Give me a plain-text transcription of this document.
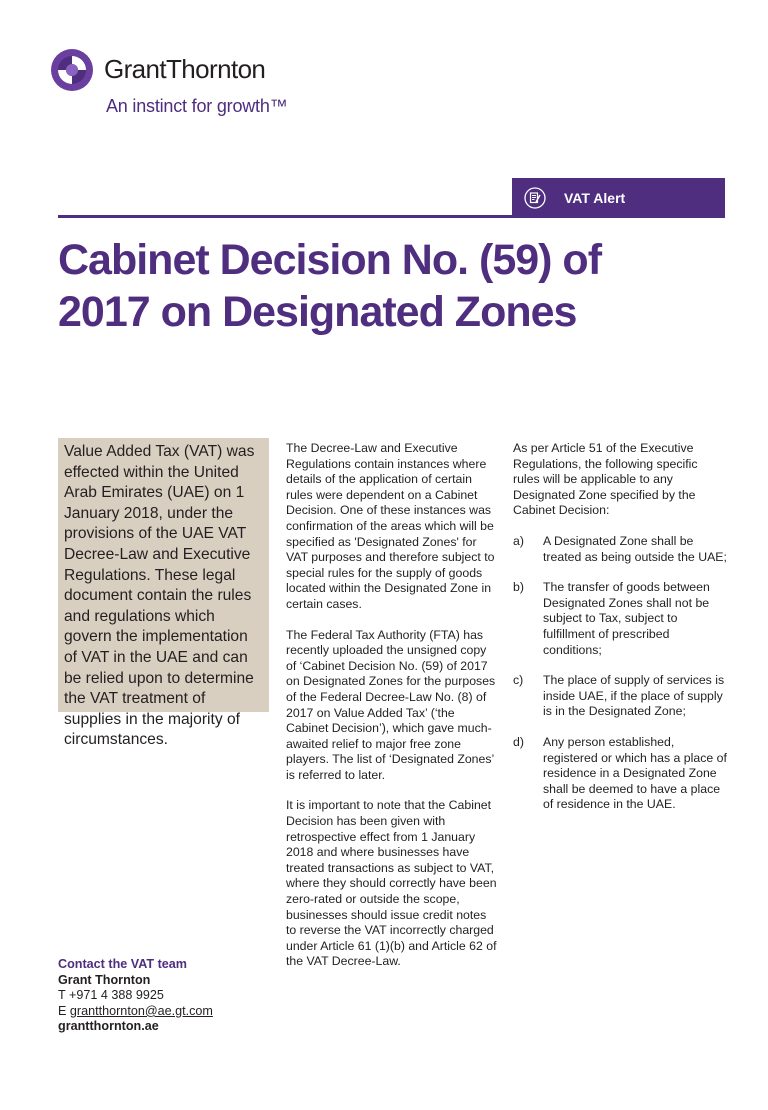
GrantThornton
An instinct for growth™
VAT Alert
Cabinet Decision No. (59) of
2017 on Designated Zones
Value Added Tax (VAT) was effected within the United Arab Emirates (UAE) on 1 January 2018, under the provisions of the UAE VAT Decree-Law and Executive Regulations. These legal document contain the rules and regulations which govern the implementation of VAT in the UAE and can be relied upon to determine the VAT treatment of supplies in the majority of circumstances.

The Decree-Law and Executive Regulations contain instances where details of the application of certain rules were dependent on a Cabinet Decision. One of these instances was confirmation of the areas which will be specified as 'Designated Zones' for VAT purposes and therefore subject to special rules for the supply of goods located within the Designated Zone in certain cases.

The Federal Tax Authority (FTA) has recently uploaded the unsigned copy of ‘Cabinet Decision No. (59) of 2017 on Designated Zones for the purposes of the Federal Decree-Law No. (8) of 2017 on Value Added Tax’ (‘the Cabinet Decision’), which gave much-awaited relief to major free zone players. The list of ‘Designated Zones’ is referred to later.

It is important to note that the Cabinet Decision has been given with retrospective effect from 1 January 2018 and where businesses have treated transactions as subject to VAT, where they should correctly have been zero-rated or outside the scope, businesses should issue credit notes to reverse the VAT incorrectly charged under Article 61 (1)(b) and Article 62 of the VAT Decree-Law.

As per Article 51 of the Executive Regulations, the following specific rules will be applicable to any Designated Zone specified by the Cabinet Decision:

a) A Designated Zone shall be treated as being outside the UAE;
b) The transfer of goods between Designated Zones shall not be subject to Tax, subject to fulfillment of prescribed conditions;
c) The place of supply of services is inside UAE, if the place of supply is in the Designated Zone;
d) Any person established, registered or which has a place of residence in a Designated Zone shall be deemed to have a place of residence in the UAE.
Contact the VAT team
Grant Thornton
T +971 4 388 9925
E grantthornton@ae.gt.com
grantthornton.ae
